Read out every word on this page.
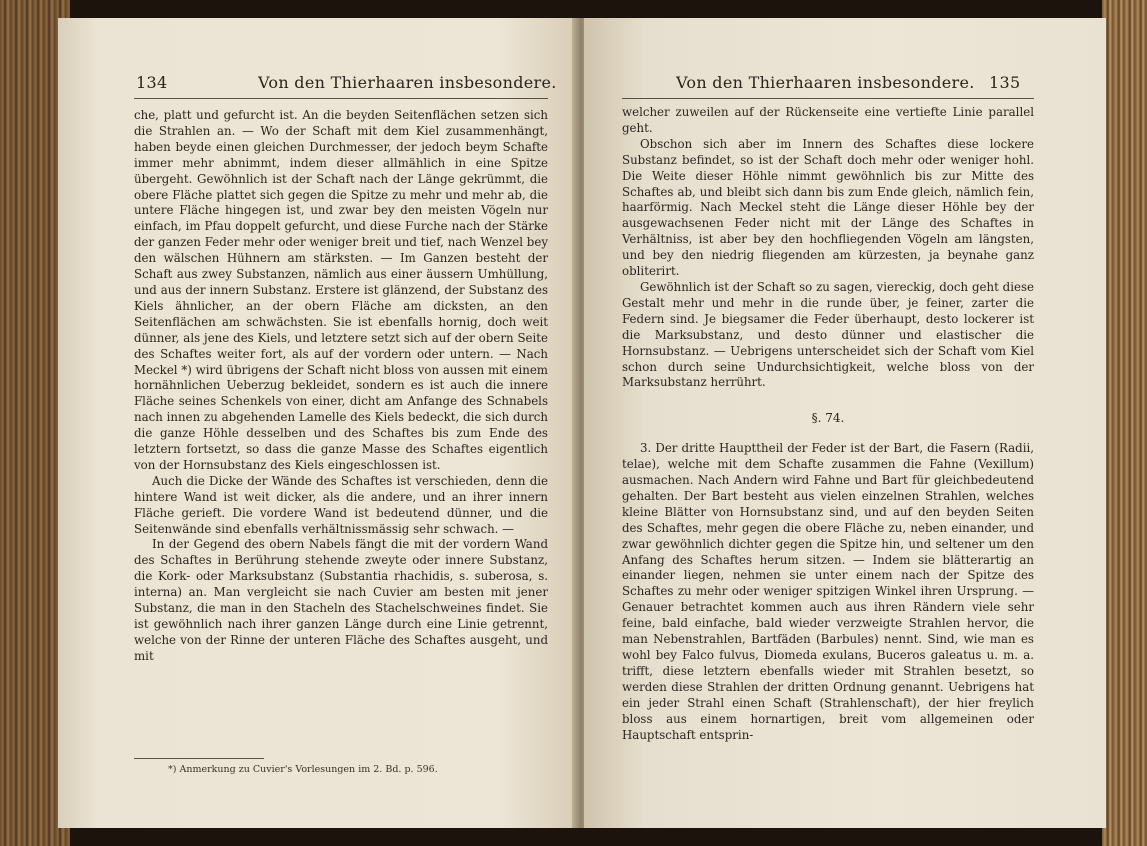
134	Von den Thierhaaren insbesondere.

che, platt und gefurcht ist. An die beyden Seitenflächen setzen sich die Strahlen an. — Wo der Schaft mit dem Kiel zusammenhängt, haben beyde einen gleichen Durchmesser, der jedoch beym Schafte immer mehr abnimmt, indem dieser allmählich in eine Spitze übergeht. Gewöhnlich ist der Schaft nach der Länge gekrümmt, die obere Fläche plattet sich gegen die Spitze zu mehr und mehr ab, die untere Fläche hingegen ist, und zwar bey den meisten Vögeln nur einfach, im Pfau doppelt gefurcht, und diese Furche nach der Stärke der ganzen Feder mehr oder weniger breit und tief, nach Wenzel bey den wälschen Hühnern am stärksten. — Im Ganzen besteht der Schaft aus zwey Substanzen, nämlich aus einer äussern Umhüllung, und aus der innern Substanz. Erstere ist glänzend, der Substanz des Kiels ähnlicher, an der obern Fläche am dicksten, an den Seitenflächen am schwächsten. Sie ist ebenfalls hornig, doch weit dünner, als jene des Kiels, und letztere setzt sich auf der obern Seite des Schaftes weiter fort, als auf der vordern oder untern. — Nach Meckel *) wird übrigens der Schaft nicht bloss von aussen mit einem hornähnlichen Ueberzug bekleidet, sondern es ist auch die innere Fläche seines Schenkels von einer, dicht am Anfange des Schnabels nach innen zu abgehenden Lamelle des Kiels bedeckt, die sich durch die ganze Höhle desselben und des Schaftes bis zum Ende des letztern fortsetzt, so dass die ganze Masse des Schaftes eigentlich von der Hornsubstanz des Kiels eingeschlossen ist.

Auch die Dicke der Wände des Schaftes ist verschieden, denn die hintere Wand ist weit dicker, als die andere, und an ihrer innern Fläche gerieft. Die vordere Wand ist bedeutend dünner, und die Seitenwände sind ebenfalls verhältnissmässig sehr schwach. —

In der Gegend des obern Nabels fängt die mit der vordern Wand des Schaftes in Berührung stehende zweyte oder innere Substanz, die Kork- oder Marksubstanz (Substantia rhachidis, s. suberosa, s. interna) an. Man vergleicht sie nach Cuvier am besten mit jener Substanz, die man in den Stacheln des Stachelschweines findet. Sie ist gewöhnlich nach ihrer ganzen Länge durch eine Linie getrennt, welche von der Rinne der unteren Fläche des Schaftes ausgeht, und mit

*) Anmerkung zu Cuvier's Vorlesungen im 2. Bd. p. 596.
Von den Thierhaaren insbesondere. 135

welcher zuweilen auf der Rückenseite eine vertiefte Linie parallel geht.

Obschon sich aber im Innern des Schaftes diese lockere Substanz befindet, so ist der Schaft doch mehr oder weniger hohl. Die Weite dieser Höhle nimmt gewöhnlich bis zur Mitte des Schaftes ab, und bleibt sich dann bis zum Ende gleich, nämlich fein, haarförmig. Nach Meckel steht die Länge dieser Höhle bey der ausgewachsenen Feder nicht mit der Länge des Schaftes in Verhältniss, ist aber bey den hochfliegenden Vögeln am längsten, und bey den niedrig fliegenden am kürzesten, ja beynahe ganz obliterirt.

Gewöhnlich ist der Schaft so zu sagen, viereckig, doch geht diese Gestalt mehr und mehr in die runde über, je feiner, zarter die Federn sind. Je biegsamer die Feder überhaupt, desto lockerer ist die Marksubstanz, und desto dünner und elastischer die Hornsubstanz. — Uebrigens unterscheidet sich der Schaft vom Kiel schon durch seine Undurchsichtigkeit, welche bloss von der Marksubstanz herrührt.

§. 74.

3. Der dritte Haupttheil der Feder ist der Bart, die Fasern (Radii, telae), welche mit dem Schafte zusammen die Fahne (Vexillum) ausmachen. Nach Andern wird Fahne und Bart für gleichbedeutend gehalten. Der Bart besteht aus vielen einzelnen Strahlen, welches kleine Blätter von Hornsubstanz sind, und auf den beyden Seiten des Schaftes, mehr gegen die obere Fläche zu, neben einander, und zwar gewöhnlich dichter gegen die Spitze hin, und seltener um den Anfang des Schaftes herum sitzen. — Indem sie blätterartig an einander liegen, nehmen sie unter einem nach der Spitze des Schaftes zu mehr oder weniger spitzigen Winkel ihren Ursprung. — Genauer betrachtet kommen auch aus ihren Rändern viele sehr feine, bald einfache, bald wieder verzweigte Strahlen hervor, die man Nebenstrahlen, Bartfäden (Barbules) nennt. Sind, wie man es wohl bey Falco fulvus, Diomeda exulans, Buceros galeatus u. m. a. trifft, diese letztern ebenfalls wieder mit Strahlen besetzt, so werden diese Strahlen der dritten Ordnung genannt. Uebrigens hat ein jeder Strahl einen Schaft (Strahlenschaft), der hier freylich bloss aus einem hornartigen, breit vom allgemeinen oder Hauptschaft entsprin-
